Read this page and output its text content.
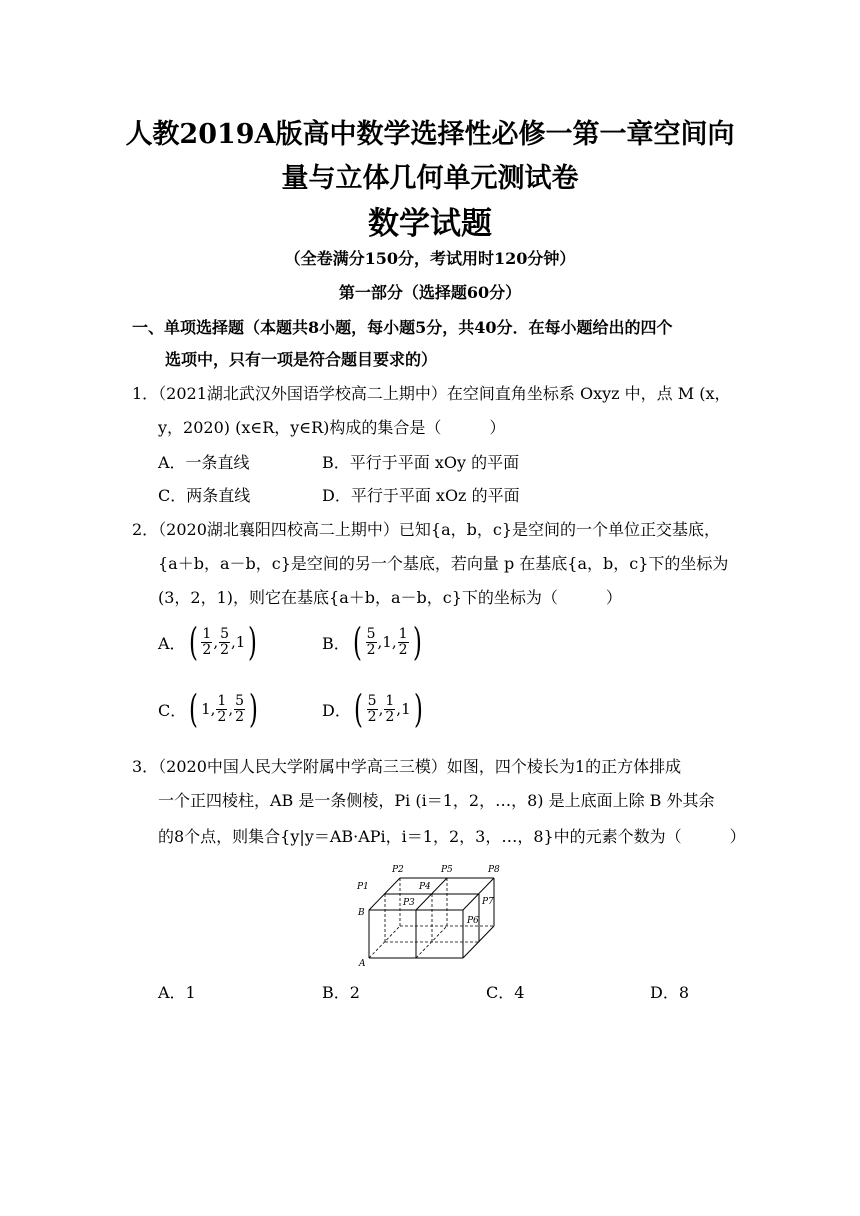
人教2019A版高中数学选择性必修一第一章空间向
量与立体几何单元测试卷
数学试题
（全卷满分150分，考试用时120分钟）
第一部分（选择题60分）
一、单项选择题（本题共8小题，每小题5分，共40分．在每小题给出的四个
选项中，只有一项是符合题目要求的）
1．（2021湖北武汉外国语学校高二上期中）在空间直角坐标系 Oxyz 中，点 M (x，
y，2020) (x∈R，y∈R)构成的集合是（　　　）
A．一条直线	B．平行于平面 xOy 的平面
C．两条直线	D．平行于平面 xOz 的平面
2．（2020湖北襄阳四校高二上期中）已知{a，b，c}是空间的一个单位正交基底，
{a＋b，a－b，c}是空间的另一个基底，若向量 p 在基底{a，b，c}下的坐标为
(3，2，1)，则它在基底{a＋b，a－b，c}下的坐标为（　　　）
A． ( 1
2 , 5
2 , 1 )	B． ( 5
2 , 1 , 1
2 )
C． ( 1 , 1
2 , 5
2 )	D． ( 5
2 , 1
2 , 1 )
3．（2020中国人民大学附属中学高三三模）如图，四个棱长为1的正方体排成
一个正四棱柱，AB 是一条侧棱，Pi (i＝1，2，…，8) 是上底面上除 B 外其余
的8个点，则集合{y|y＝AB·APi，i＝1，2，3，…，8}中的元素个数为（　　　）
P1
P2
P3
P4
P5
P6
P7
P8
B
A
A．1	B．2	C．4	D．8
